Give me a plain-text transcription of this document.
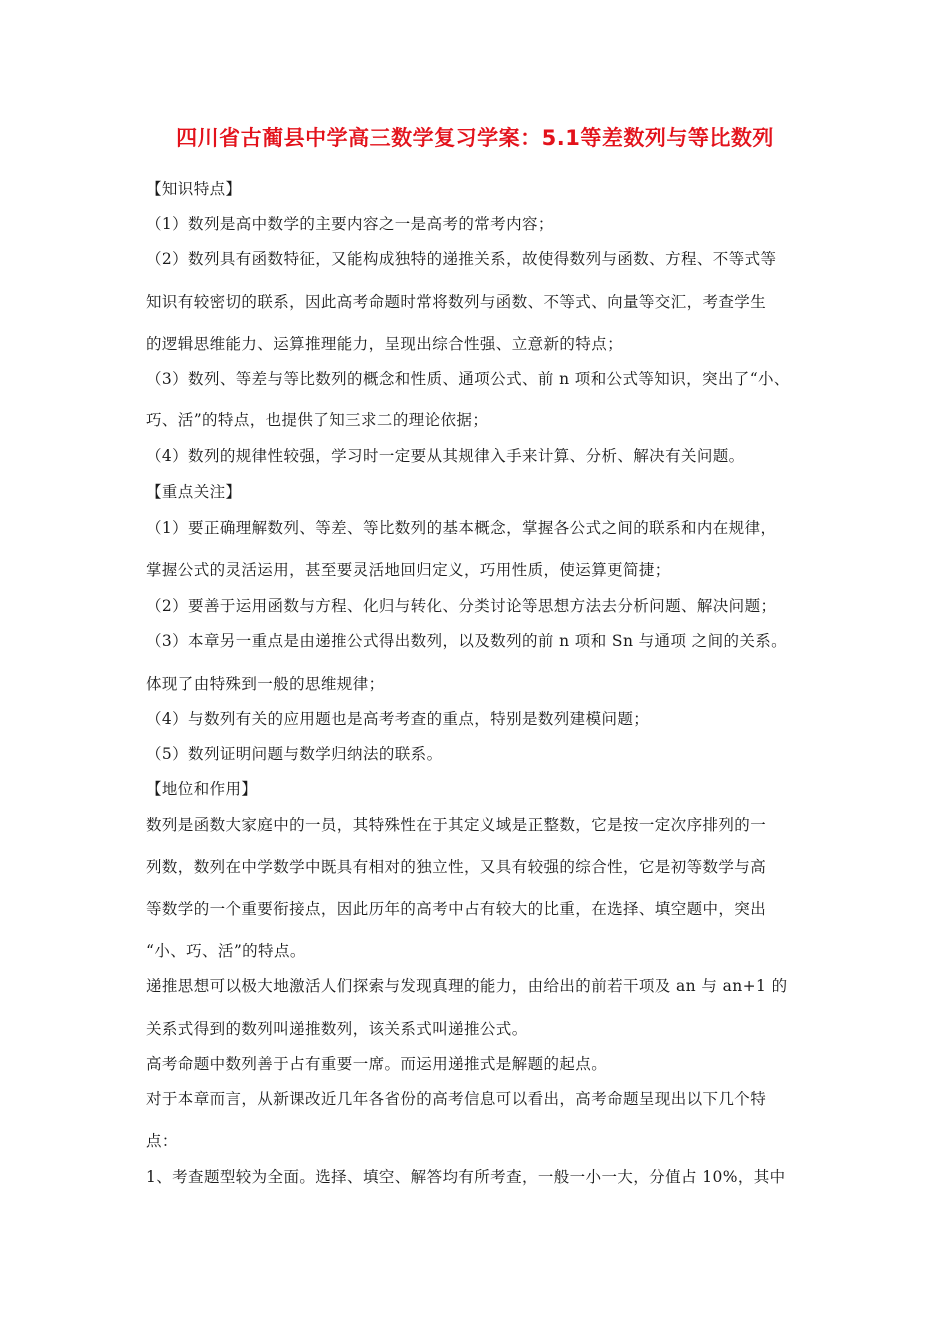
四川省古蔺县中学高三数学复习学案：5.1等差数列与等比数列
【知识特点】
（1）数列是高中数学的主要内容之一是高考的常考内容；
（2）数列具有函数特征，又能构成独特的递推关系，故使得数列与函数、方程、不等式等
知识有较密切的联系，因此高考命题时常将数列与函数、不等式、向量等交汇，考查学生
的逻辑思维能力、运算推理能力，呈现出综合性强、立意新的特点；
（3）数列、等差与等比数列的概念和性质、通项公式、前 n 项和公式等知识，突出了“小、
巧、活”的特点，也提供了知三求二的理论依据；
（4）数列的规律性较强，学习时一定要从其规律入手来计算、分析、解决有关问题。
【重点关注】
（1）要正确理解数列、等差、等比数列的基本概念，掌握各公式之间的联系和内在规律，
掌握公式的灵活运用，甚至要灵活地回归定义，巧用性质，使运算更简捷；
（2）要善于运用函数与方程、化归与转化、分类讨论等思想方法去分析问题、解决问题；
（3）本章另一重点是由递推公式得出数列，以及数列的前 n 项和 Sn 与通项 之间的关系。
体现了由特殊到一般的思维规律；
（4）与数列有关的应用题也是高考考查的重点，特别是数列建模问题；
（5）数列证明问题与数学归纳法的联系。
【地位和作用】
数列是函数大家庭中的一员，其特殊性在于其定义域是正整数，它是按一定次序排列的一
列数，数列在中学数学中既具有相对的独立性，又具有较强的综合性，它是初等数学与高
等数学的一个重要衔接点，因此历年的高考中占有较大的比重，在选择、填空题中，突出
“小、巧、活”的特点。
递推思想可以极大地激活人们探索与发现真理的能力，由给出的前若干项及 an 与 an+1 的
关系式得到的数列叫递推数列，该关系式叫递推公式。
高考命题中数列善于占有重要一席。而运用递推式是解题的起点。
对于本章而言，从新课改近几年各省份的高考信息可以看出，高考命题呈现出以下几个特
点：
1、考查题型较为全面。选择、填空、解答均有所考查，一般一小一大，分值占 10%，其中
